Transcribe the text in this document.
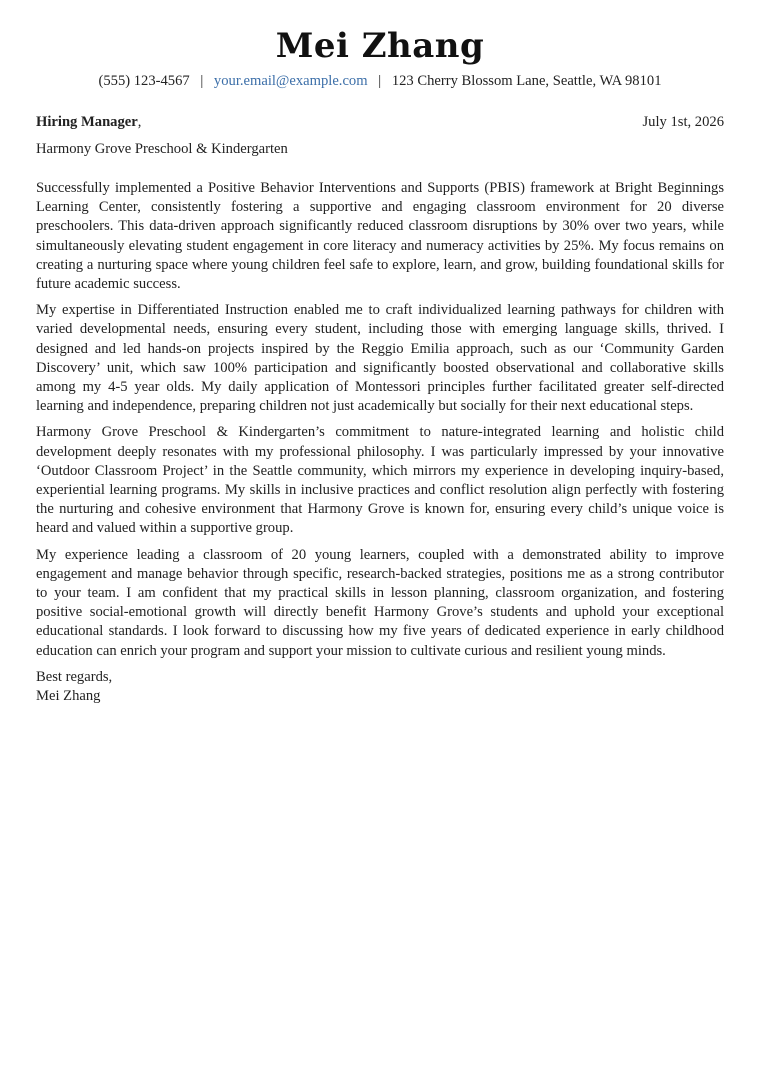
Mei Zhang
(555) 123-4567 | your.email@example.com | 123 Cherry Blossom Lane, Seattle, WA 98101
Hiring Manager,	July 1st, 2026
Harmony Grove Preschool & Kindergarten

Successfully implemented a Positive Behavior Interventions and Supports (PBIS) framework at Bright Beginnings Learning Center, consistently fostering a supportive and engaging classroom environment for 20 diverse preschoolers. This data-driven approach significantly reduced classroom disruptions by 30% over two years, while simultaneously elevating student engagement in core literacy and numeracy activities by 25%. My focus remains on creating a nurturing space where young children feel safe to explore, learn, and grow, building foundational skills for future academic success.

My expertise in Differentiated Instruction enabled me to craft individualized learning pathways for children with varied developmental needs, ensuring every student, including those with emerging language skills, thrived. I designed and led hands-on projects inspired by the Reggio Emilia approach, such as our ‘Community Garden Discovery’ unit, which saw 100% participation and significantly boosted observational and collaborative skills among my 4-5 year olds. My daily application of Montessori principles further facilitated greater self-directed learning and independence, preparing children not just academically but socially for their next educational steps.

Harmony Grove Preschool & Kindergarten’s commitment to nature-integrated learning and holistic child development deeply resonates with my professional philosophy. I was particularly impressed by your innovative ‘Outdoor Classroom Project’ in the Seattle community, which mirrors my experience in developing inquiry-based, experiential learning programs. My skills in inclusive practices and conflict resolution align perfectly with fostering the nurturing and cohesive environment that Harmony Grove is known for, ensuring every child’s unique voice is heard and valued within a supportive group.

My experience leading a classroom of 20 young learners, coupled with a demonstrated ability to improve engagement and manage behavior through specific, research-backed strategies, positions me as a strong contributor to your team. I am confident that my practical skills in lesson planning, classroom organization, and fostering positive social-emotional growth will directly benefit Harmony Grove’s students and uphold your exceptional educational standards. I look forward to discussing how my five years of dedicated experience in early childhood education can enrich your program and support your mission to cultivate curious and resilient young minds.

Best regards,
Mei Zhang
